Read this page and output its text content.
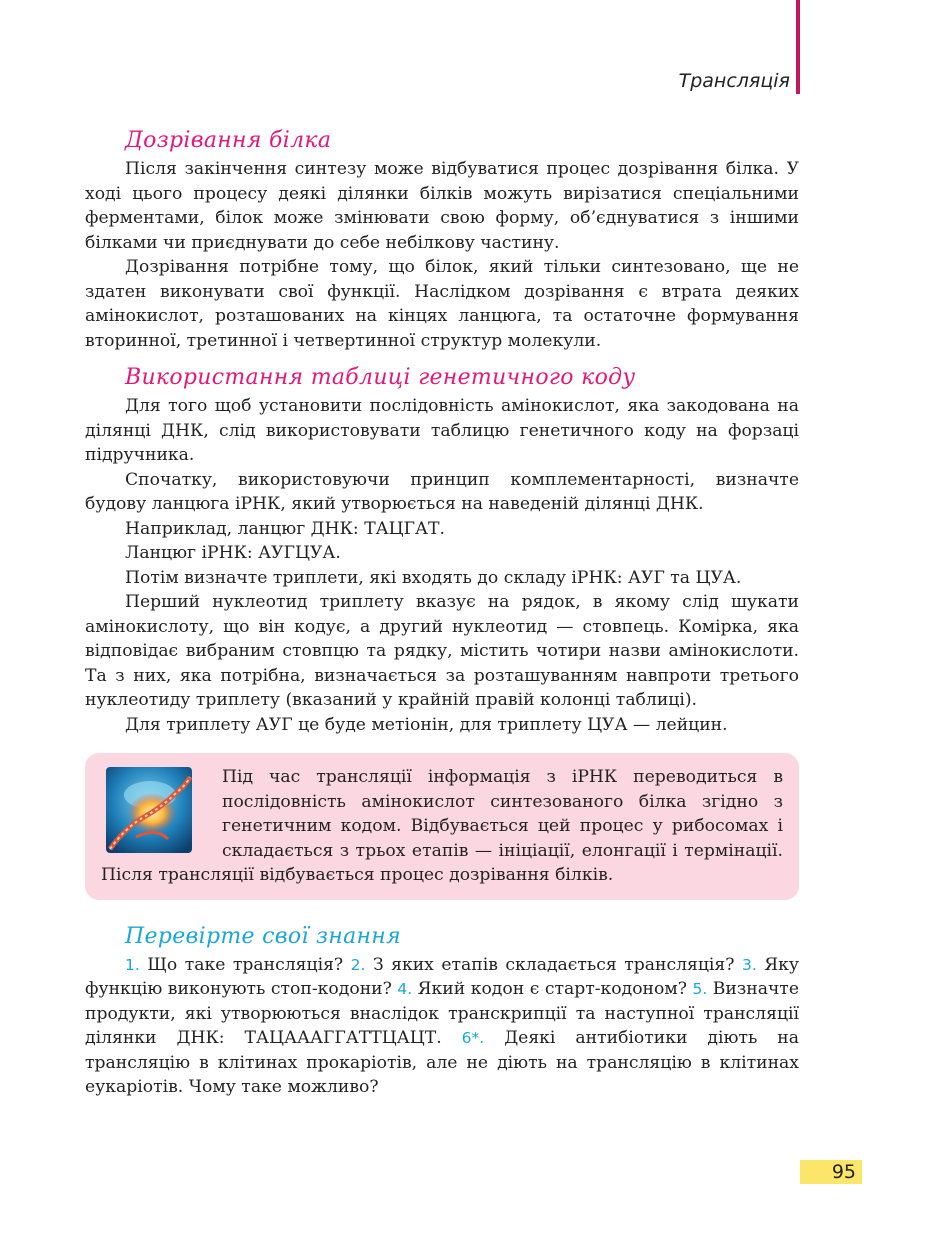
Трансляція
Дозрівання білка

Після закінчення синтезу може відбуватися процес дозрівання білка. У ході цього процесу деякі ділянки білків можуть вирізатися спеціальними ферментами, білок може змінювати свою форму, об’єднуватися з іншими білками чи приєднувати до себе небілкову частину.

Дозрівання потрібне тому, що білок, який тільки синтезовано, ще не здатен виконувати свої функції. Наслідком дозрівання є втрата деяких амінокислот, розташованих на кінцях ланцюга, та остаточне формування вторинної, третинної і четвертинної структур молекули.

Використання таблиці генетичного коду

Для того щоб установити послідовність амінокислот, яка закодована на ділянці ДНК, слід використовувати таблицю генетичного коду на форзаці підручника.

Спочатку, використовуючи принцип комплементарності, визначте будову ланцюга іРНК, який утворюється на наведеній ділянці ДНК.

Наприклад, ланцюг ДНК: ТАЦГАТ.

Ланцюг іРНК: АУГЦУА.

Потім визначте триплети, які входять до складу іРНК: АУГ та ЦУА.

Перший нуклеотид триплету вказує на рядок, в якому слід шукати амінокислоту, що він кодує, а другий нуклеотид — стовпець. Комірка, яка відповідає вибраним стовпцю та рядку, містить чотири назви амінокислоти. Та з них, яка потрібна, визначається за розташуванням навпроти третього нуклеотиду триплету (вказаний у крайній правій колонці таблиці).

Для триплету АУГ це буде метіонін, для триплету ЦУА — лейцин.

Під час трансляції інформація з іРНК переводиться в послідовність амінокислот синтезованого білка згідно з генетичним кодом. Відбувається цей процес у рибосомах і складається з трьох етапів — ініціації, елонгації і термінації. Після трансляції відбувається процес дозрівання білків.

Перевірте свої знання

1. Що таке трансляція? 2. З яких етапів складається трансляція? 3. Яку функцію виконують стоп-кодони? 4. Який кодон є старт-кодоном? 5. Визначте продукти, які утворюються внаслідок транскрипції та наступної трансляції ділянки ДНК: ТАЦАААГГАТТЦАЦТ. 6*. Деякі антибіотики діють на трансляцію в клітинах прокаріотів, але не діють на трансляцію в клітинах еукаріотів. Чому таке можливо?

95
